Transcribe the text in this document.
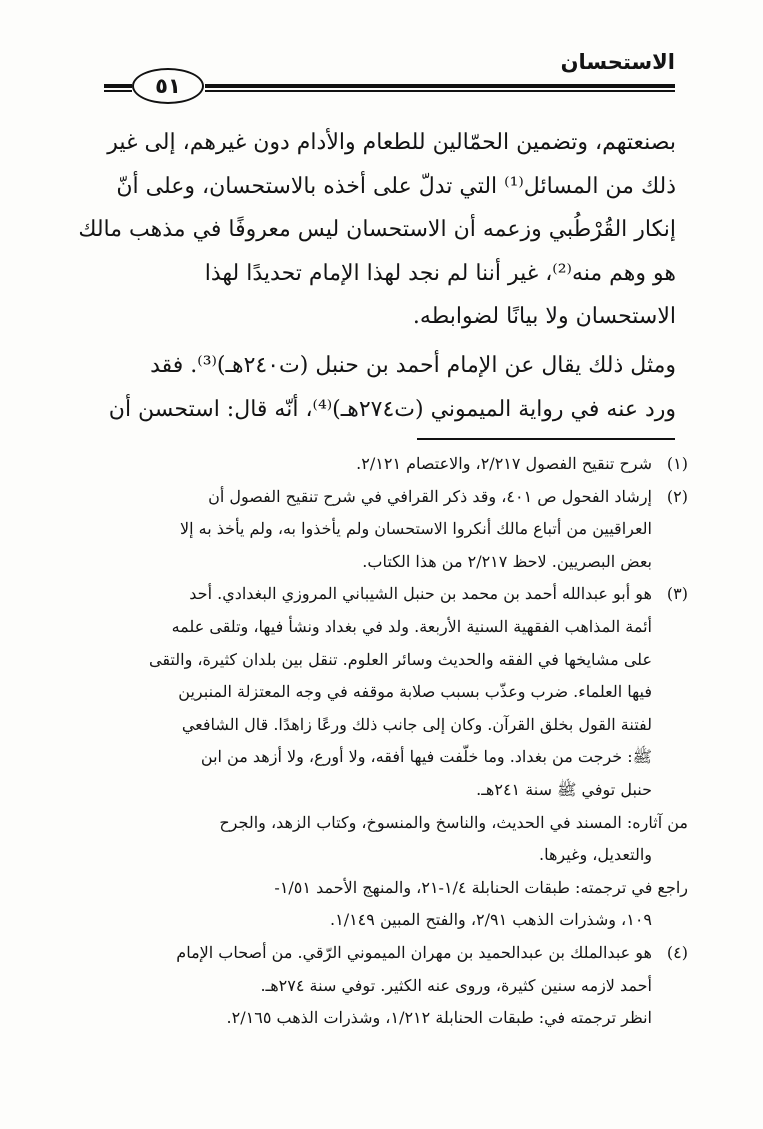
الاستحسان
٥١
بصنعتهم، وتضمين الحمّالين للطعام والأدام دون غيرهم، إلى غير
ذلك من المسائل⁽¹⁾ التي تدلّ على أخذه بالاستحسان، وعلى أنّ
إنكار القُرْطُبي وزعمه أن الاستحسان ليس معروفًا في مذهب مالك
هو وهم منه⁽²⁾، غير أننا لم نجد لهذا الإمام تحديدًا لهذا
الاستحسان ولا بيانًا لضوابطه.
ومثل ذلك يقال عن الإمام أحمد بن حنبل (ت٢٤٠هـ)⁽³⁾. فقد
ورد عنه في رواية الميموني (ت٢٧٤هـ)⁽⁴⁾، أنّه قال: استحسن أن
(١)
شرح تنقيح الفصول ٢/٢١٧، والاعتصام ٢/١٢١.
(٢)
إرشاد الفحول ص ٤٠١، وقد ذكر القرافي في شرح تنقيح الفصول أن
العراقيين من أتباع مالك أنكروا الاستحسان ولم يأخذوا به، ولم يأخذ به إلا
بعض البصريين. لاحظ ٢/٢١٧ من هذا الكتاب.
(٣)
هو أبو عبدالله أحمد بن محمد بن حنبل الشيباني المروزي البغدادي. أحد
أئمة المذاهب الفقهية السنية الأربعة. ولد في بغداد ونشأ فيها، وتلقى علمه
على مشايخها في الفقه والحديث وسائر العلوم. تنقل بين بلدان كثيرة، والتقى
فيها العلماء. ضرب وعذّب بسبب صلابة موقفه في وجه المعتزلة المنبرين
لفتنة القول بخلق القرآن. وكان إلى جانب ذلك ورعًا زاهدًا. قال الشافعي
ﷺ: خرجت من بغداد. وما خلّفت فيها أفقه، ولا أورع، ولا أزهد من ابن
حنبل توفي ﷺ سنة ٢٤١هـ.
من آثاره: المسند في الحديث، والناسخ والمنسوخ، وكتاب الزهد، والجرح
والتعديل، وغيرها.
راجع في ترجمته: طبقات الحنابلة ١/٤-٢١، والمنهج الأحمد ١/٥١-
١٠٩، وشذرات الذهب ٢/٩١، والفتح المبين ١/١٤٩.
(٤)
هو عبدالملك بن عبدالحميد بن مهران الميموني الرّقي. من أصحاب الإمام
أحمد لازمه سنين كثيرة، وروى عنه الكثير. توفي سنة ٢٧٤هـ.
انظر ترجمته في: طبقات الحنابلة ١/٢١٢، وشذرات الذهب ٢/١٦٥.
